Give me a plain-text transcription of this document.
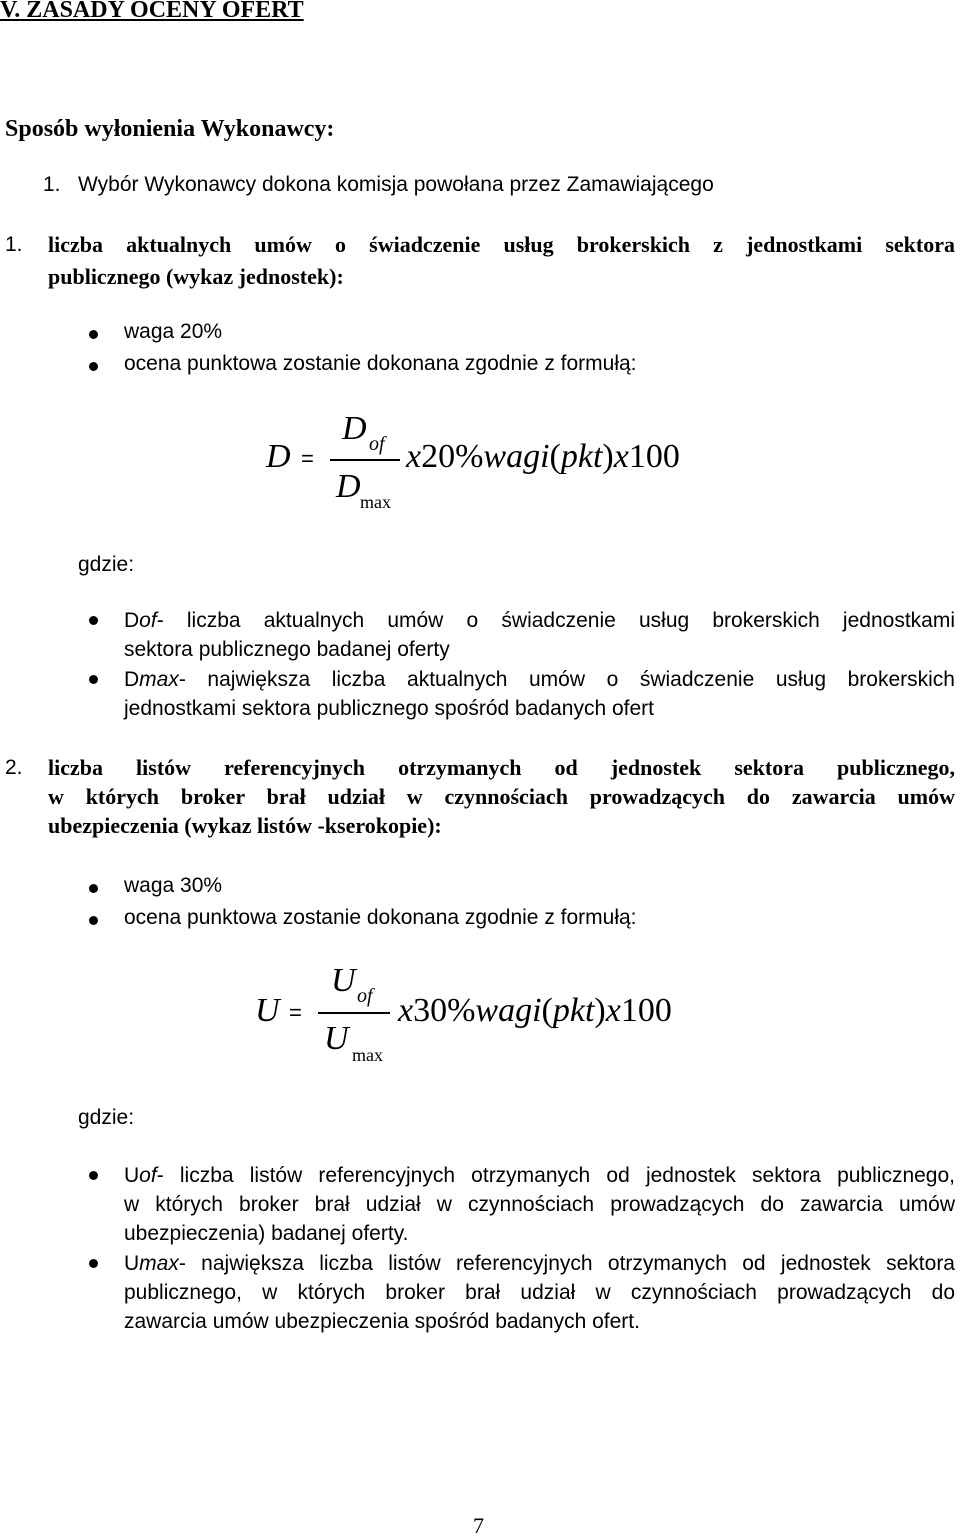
V. ZASADY OCENY OFERT
Sposób wyłonienia Wykonawcy:
1. Wybór Wykonawcy dokona komisja powołana przez Zamawiającego
1. liczba aktualnych umów o świadczenie usług brokerskich z jednostkami sektora
publicznego (wykaz jednostek):
waga 20%
ocena punktowa zostanie dokonana zgodnie z formułą:
D =
D of
D max
x20%wagi(pkt)x100
gdzie:
Dof- liczba aktualnych umów o świadczenie usług brokerskich jednostkami
sektora publicznego badanej oferty
Dmax- największa liczba aktualnych umów o świadczenie usług brokerskich
jednostkami sektora publicznego spośród badanych ofert
2. liczba listów referencyjnych otrzymanych od jednostek sektora publicznego,
w których broker brał udział w czynnościach prowadzących do zawarcia umów
ubezpieczenia (wykaz listów -kserokopie):
waga 30%
ocena punktowa zostanie dokonana zgodnie z formułą:
U =
U of
U max
x30%wagi(pkt)x100
gdzie:
Uof- liczba listów referencyjnych otrzymanych od jednostek sektora publicznego,
w których broker brał udział w czynnościach prowadzących do zawarcia umów
ubezpieczenia) badanej oferty.
Umax- największa liczba listów referencyjnych otrzymanych od jednostek sektora
publicznego, w których broker brał udział w czynnościach prowadzących do
zawarcia umów ubezpieczenia spośród badanych ofert.
7
